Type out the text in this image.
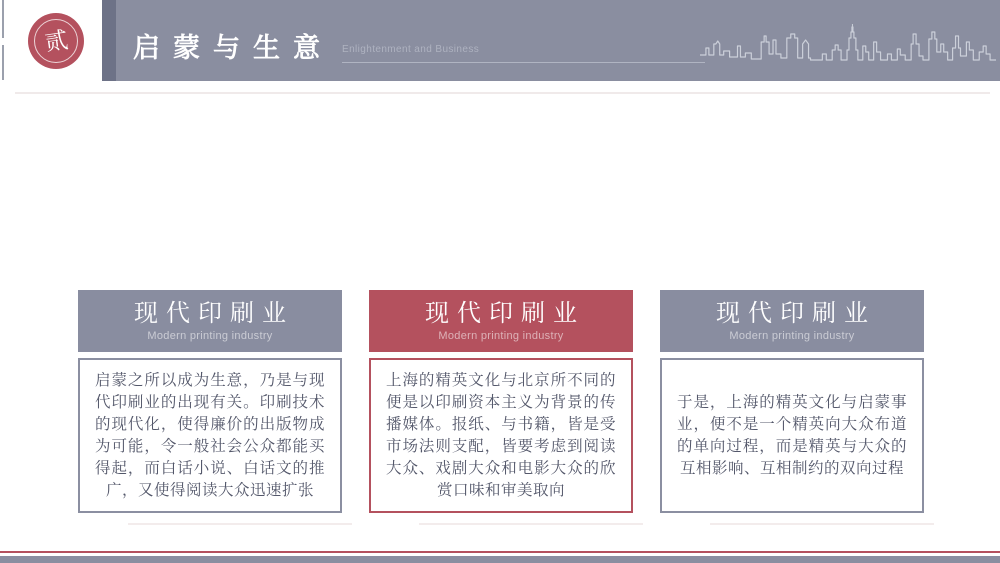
贰 启蒙与生意 Enlightenment and Business
现代印刷业
Modern printing industry

启蒙之所以成为生意，乃是与现代印刷业的出现有关。印刷技术的现代化，使得廉价的出版物成为可能，令一般社会公众都能买得起，而白话小说、白话文的推广，又使得阅读大众迅速扩张

现代印刷业
Modern printing industry

上海的精英文化与北京所不同的便是以印刷资本主义为背景的传播媒体。报纸、与书籍，皆是受市场法则支配，皆要考虑到阅读大众、戏剧大众和电影大众的欣赏口味和审美取向

现代印刷业
Modern printing industry

于是，上海的精英文化与启蒙事业，便不是一个精英向大众布道的单向过程，而是精英与大众的互相影响、互相制约的双向过程
